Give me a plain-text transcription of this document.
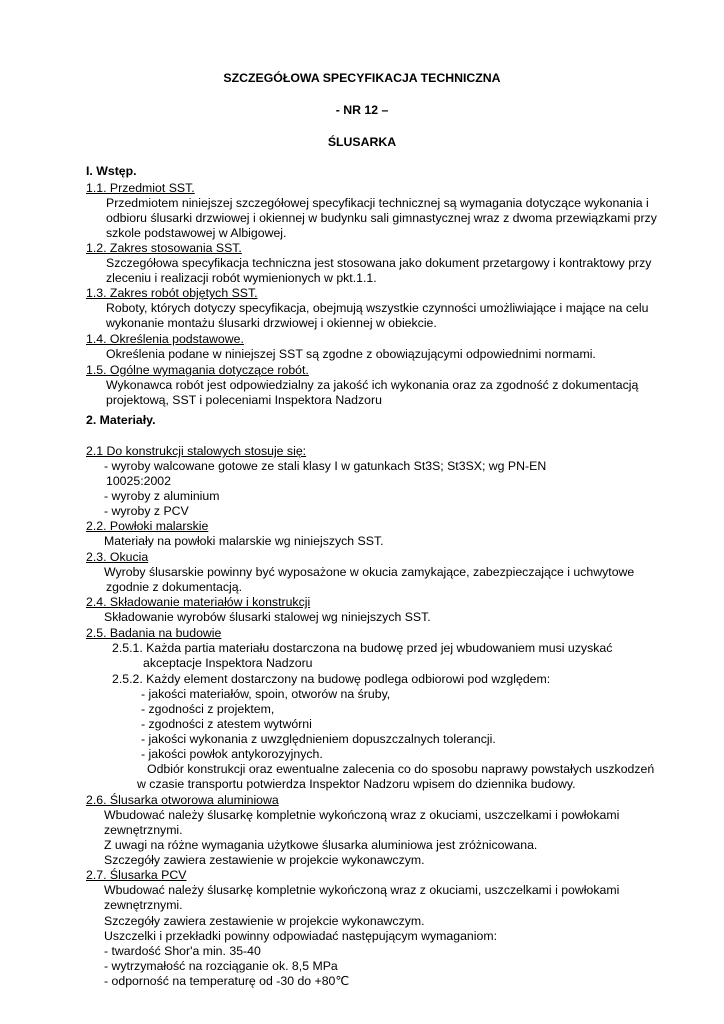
SZCZEGÓŁOWA SPECYFIKACJA TECHNICZNA
- NR 12 –
ŚLUSARKA
I. Wstęp.
1.1. Przedmiot SST.
Przedmiotem niniejszej szczegółowej specyfikacji technicznej są wymagania dotyczące wykonania i
odbioru ślusarki drzwiowej i okiennej w budynku sali gimnastycznej wraz z dwoma przewiązkami przy
szkole podstawowej w Albigowej.
1.2. Zakres stosowania SST.
Szczegółowa specyfikacja techniczna jest stosowana jako dokument przetargowy i kontraktowy przy
zleceniu i realizacji robót wymienionych w pkt.1.1.
1.3. Zakres robót objętych SST.
Roboty, których dotyczy specyfikacja, obejmują wszystkie czynności umożliwiające i mające na celu
wykonanie montażu ślusarki drzwiowej i okiennej w obiekcie.
1.4. Określenia podstawowe.
Określenia podane w niniejszej SST są zgodne z obowiązującymi odpowiednimi normami.
1.5. Ogólne wymagania dotyczące robót.
Wykonawca robót jest odpowiedzialny za jakość ich wykonania oraz za zgodność z dokumentacją
projektową, SST i poleceniami Inspektora Nadzoru
2. Materiały.
2.1 Do konstrukcji stalowych stosuje się:
- wyroby walcowane gotowe ze stali klasy I w gatunkach St3S; St3SX; wg PN-EN
10025:2002
- wyroby z aluminium
- wyroby z PCV
2.2. Powłoki malarskie
Materiały na powłoki malarskie wg niniejszych SST.
2.3. Okucia
Wyroby ślusarskie powinny być wyposażone w okucia zamykające, zabezpieczające i uchwytowe
zgodnie z dokumentacją.
2.4. Składowanie materiałów i konstrukcji
Składowanie wyrobów ślusarki stalowej wg niniejszych SST.
2.5. Badania na budowie
2.5.1. Każda partia materiału dostarczona na budowę przed jej wbudowaniem musi uzyskać
akceptacje Inspektora Nadzoru
2.5.2. Każdy element dostarczony na budowę podlega odbiorowi pod względem:
- jakości materiałów, spoin, otworów na śruby,
- zgodności z projektem,
- zgodności z atestem wytwórni
- jakości wykonania z uwzględnieniem dopuszczalnych tolerancji.
- jakości powłok antykorozyjnych.
Odbiór konstrukcji oraz ewentualne zalecenia co do sposobu naprawy powstałych uszkodzeń
w czasie transportu potwierdza Inspektor Nadzoru wpisem do dziennika budowy.
2.6. Ślusarka otworowa aluminiowa
Wbudować należy ślusarkę kompletnie wykończoną wraz z okuciami, uszczelkami i powłokami
zewnętrznymi.
Z uwagi na różne wymagania użytkowe ślusarka aluminiowa jest zróżnicowana.
Szczegóły zawiera zestawienie w projekcie wykonawczym.
2.7. Ślusarka PCV
Wbudować należy ślusarkę kompletnie wykończoną wraz z okuciami, uszczelkami i powłokami
zewnętrznymi.
Szczegóły zawiera zestawienie w projekcie wykonawczym.
Uszczelki i przekładki powinny odpowiadać następującym wymaganiom:
- twardość Shor'a min. 35-40
- wytrzymałość na rozciąganie ok. 8,5 MPa
- odporność na temperaturę od -30 do +80℃
